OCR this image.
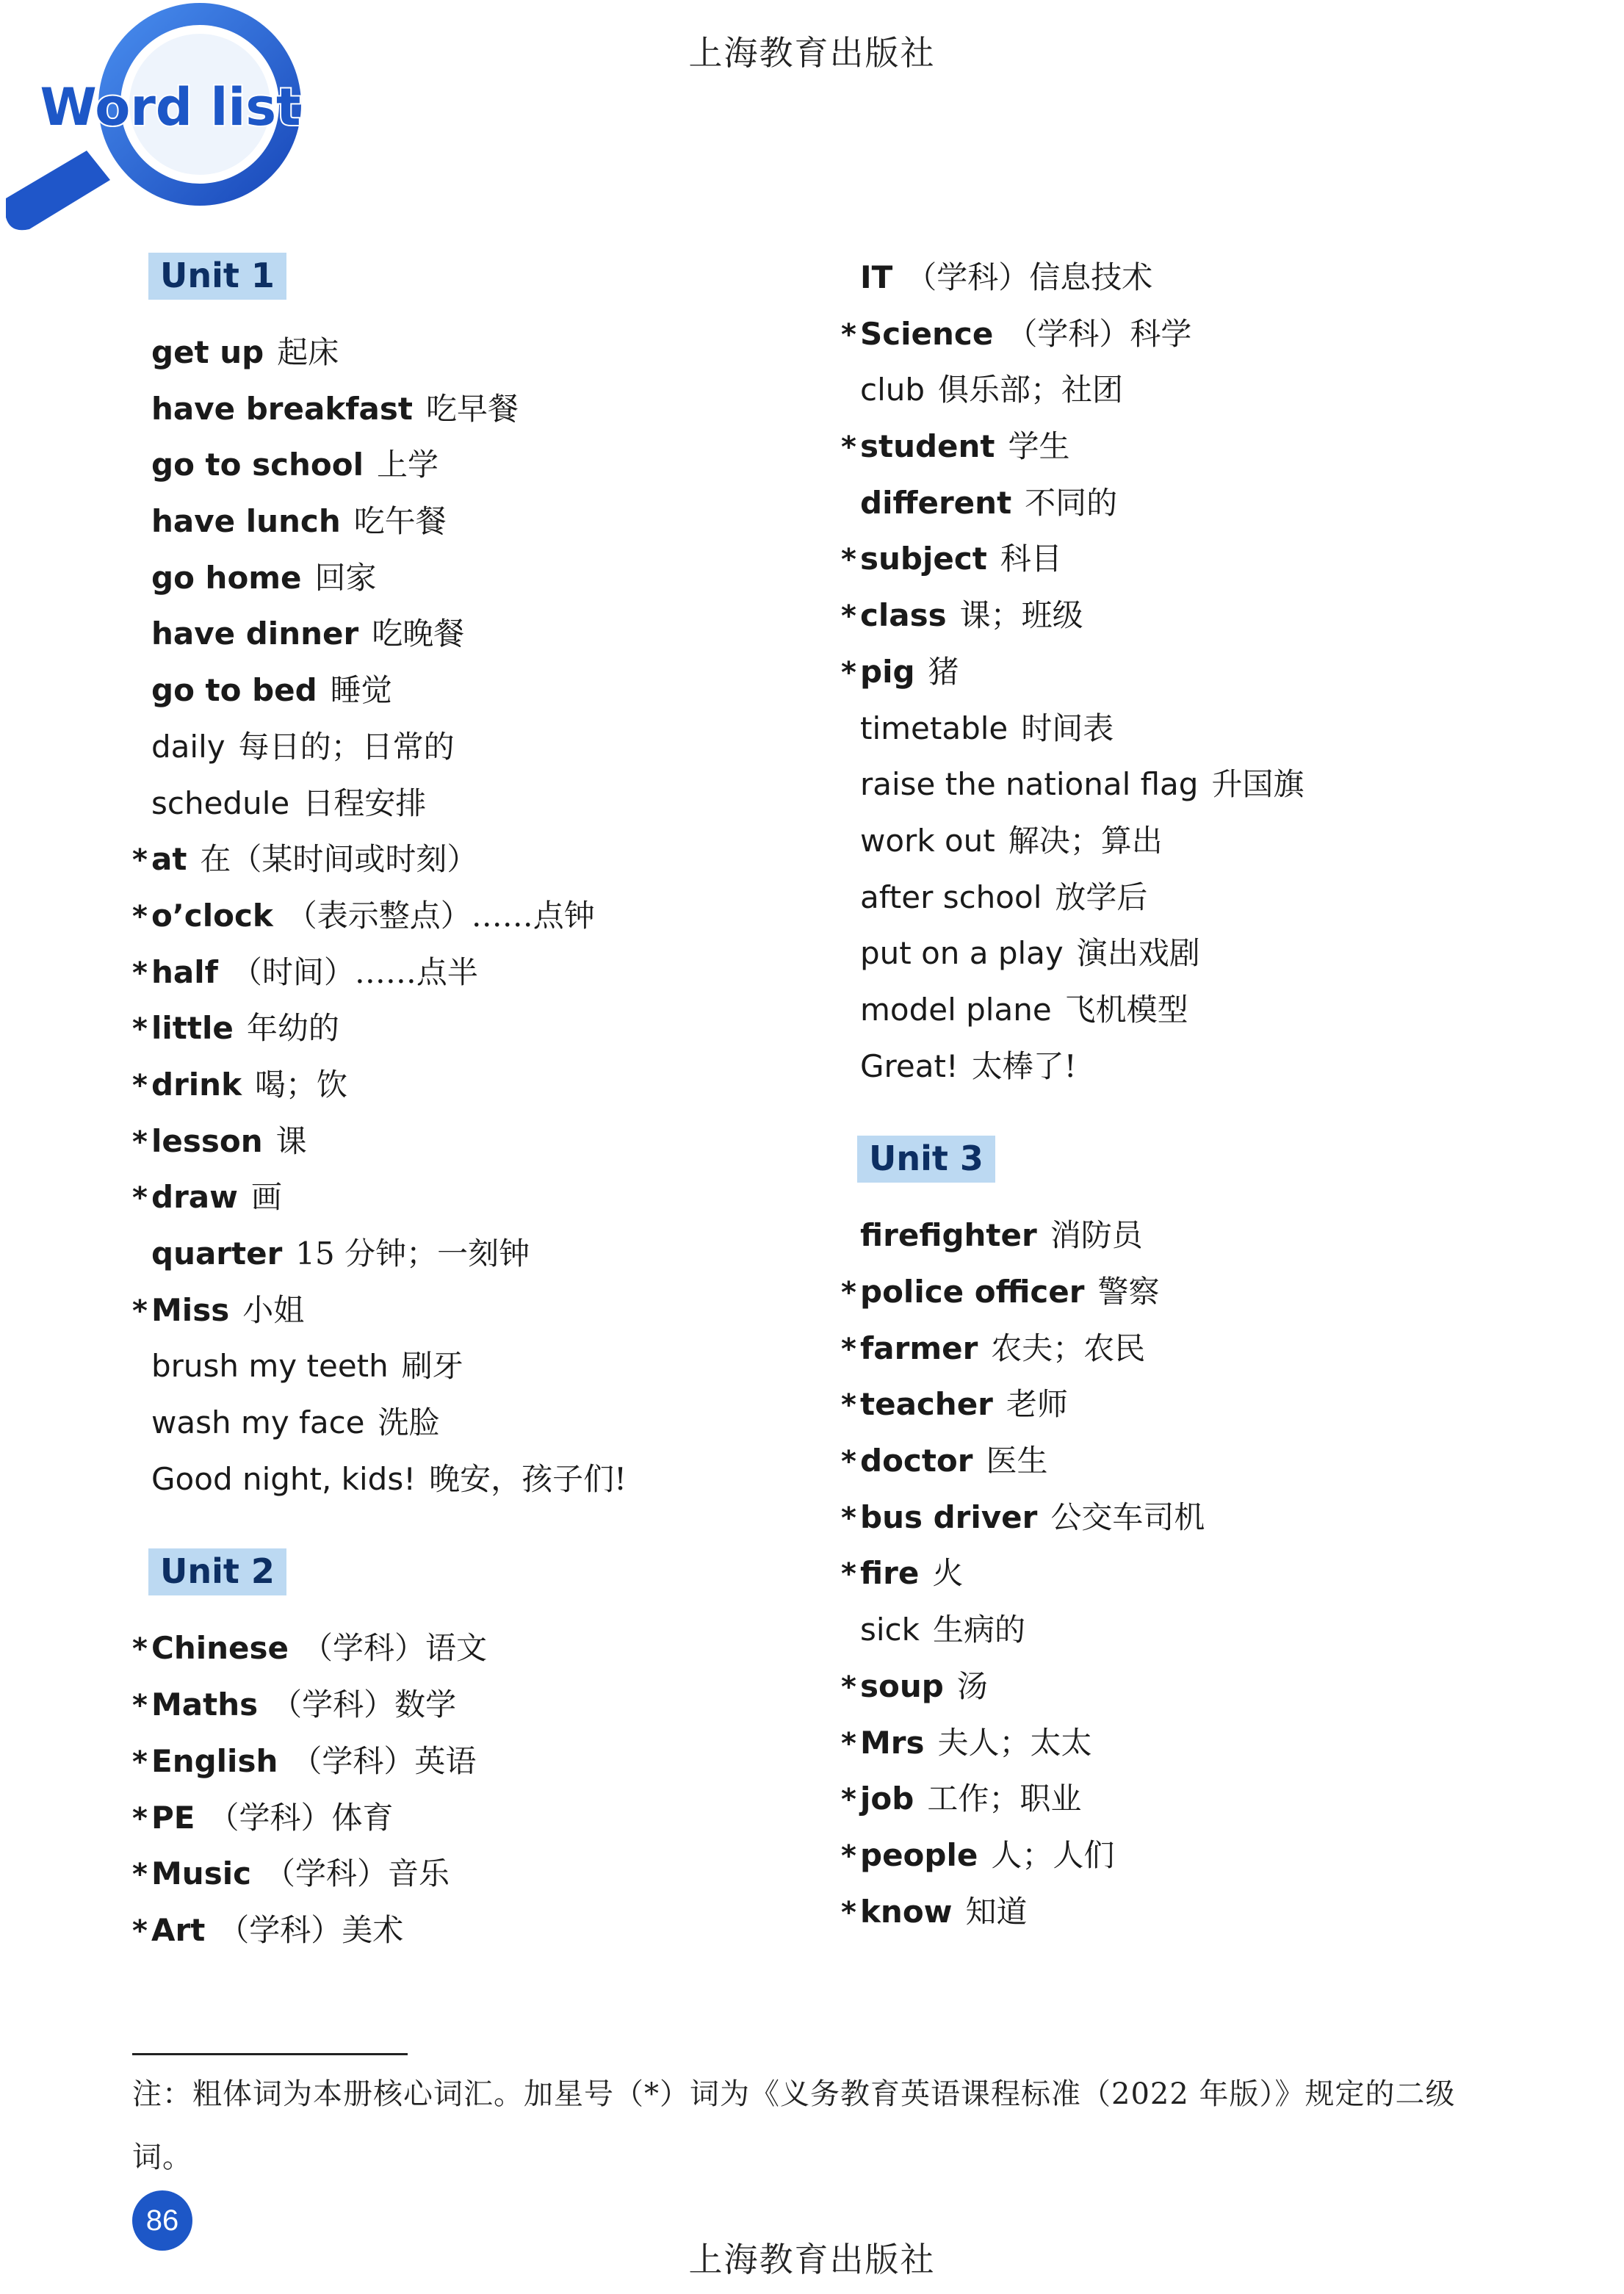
上海教育出版社
Word list
Unit 1
get up 起床
have breakfast 吃早餐
go to school 上学
have lunch 吃午餐
go home 回家
have dinner 吃晚餐
go to bed 睡觉
daily 每日的；日常的
schedule 日程安排
* at 在（某时间或时刻）
* o’clock （表示整点）……点钟
* half （时间）……点半
* little 年幼的
* drink 喝；饮
* lesson 课
* draw 画
quarter 15 分钟；一刻钟
* Miss 小姐
brush my teeth 刷牙
wash my face 洗脸
Good night, kids! 晚安，孩子们!
Unit 2
* Chinese （学科）语文
* Maths （学科）数学
* English （学科）英语
* PE （学科）体育
* Music （学科）音乐
* Art （学科）美术
IT （学科）信息技术
* Science （学科）科学
club 俱乐部；社团
* student 学生
different 不同的
* subject 科目
* class 课；班级
* pig 猪
timetable 时间表
raise the national flag 升国旗
work out 解决；算出
after school 放学后
put on a play 演出戏剧
model plane 飞机模型
Great! 太棒了!
Unit 3
firefighter 消防员
* police officer 警察
* farmer 农夫；农民
* teacher 老师
* doctor 医生
* bus driver 公交车司机
* fire 火
sick 生病的
* soup 汤
* Mrs 夫人；太太
* job 工作；职业
* people 人；人们
* know 知道
注：粗体词为本册核心词汇。加星号（*）词为《义务教育英语课程标准（2022 年版）》规定的二级词。
86
上海教育出版社
